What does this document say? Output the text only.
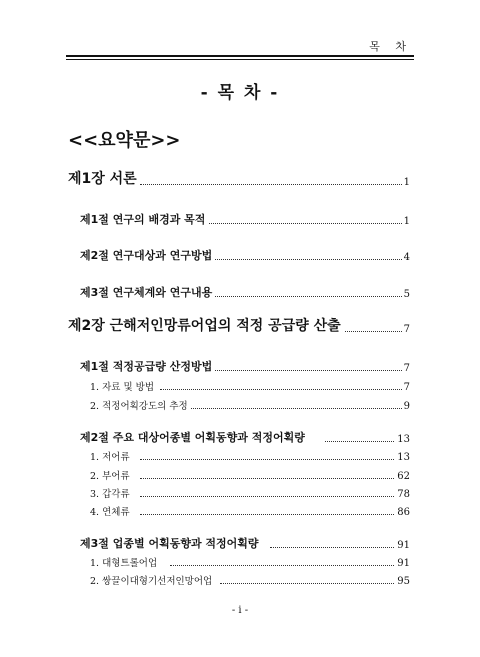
목 차
- 목 차 -
<<요약문>>
제1장 서론	1
제1절 연구의 배경과 목적	1
제2절 연구대상과 연구방법	4
제3절 연구체계와 연구내용	5
제2장 근해저인망류어업의 적정 공급량 산출	7
제1절 적정공급량 산정방법	7
1. 자료 및 방법	7
2. 적정어획강도의 추정	9
제2절 주요 대상어종별 어획동향과 적정어획량	13
1. 저어류	13
2. 부어류	62
3. 갑각류	78
4. 연체류	86
제3절 업종별 어획동향과 적정어획량	91
1. 대형트롤어업	91
2. 쌍끌이대형기선저인망어업	95
- i -
